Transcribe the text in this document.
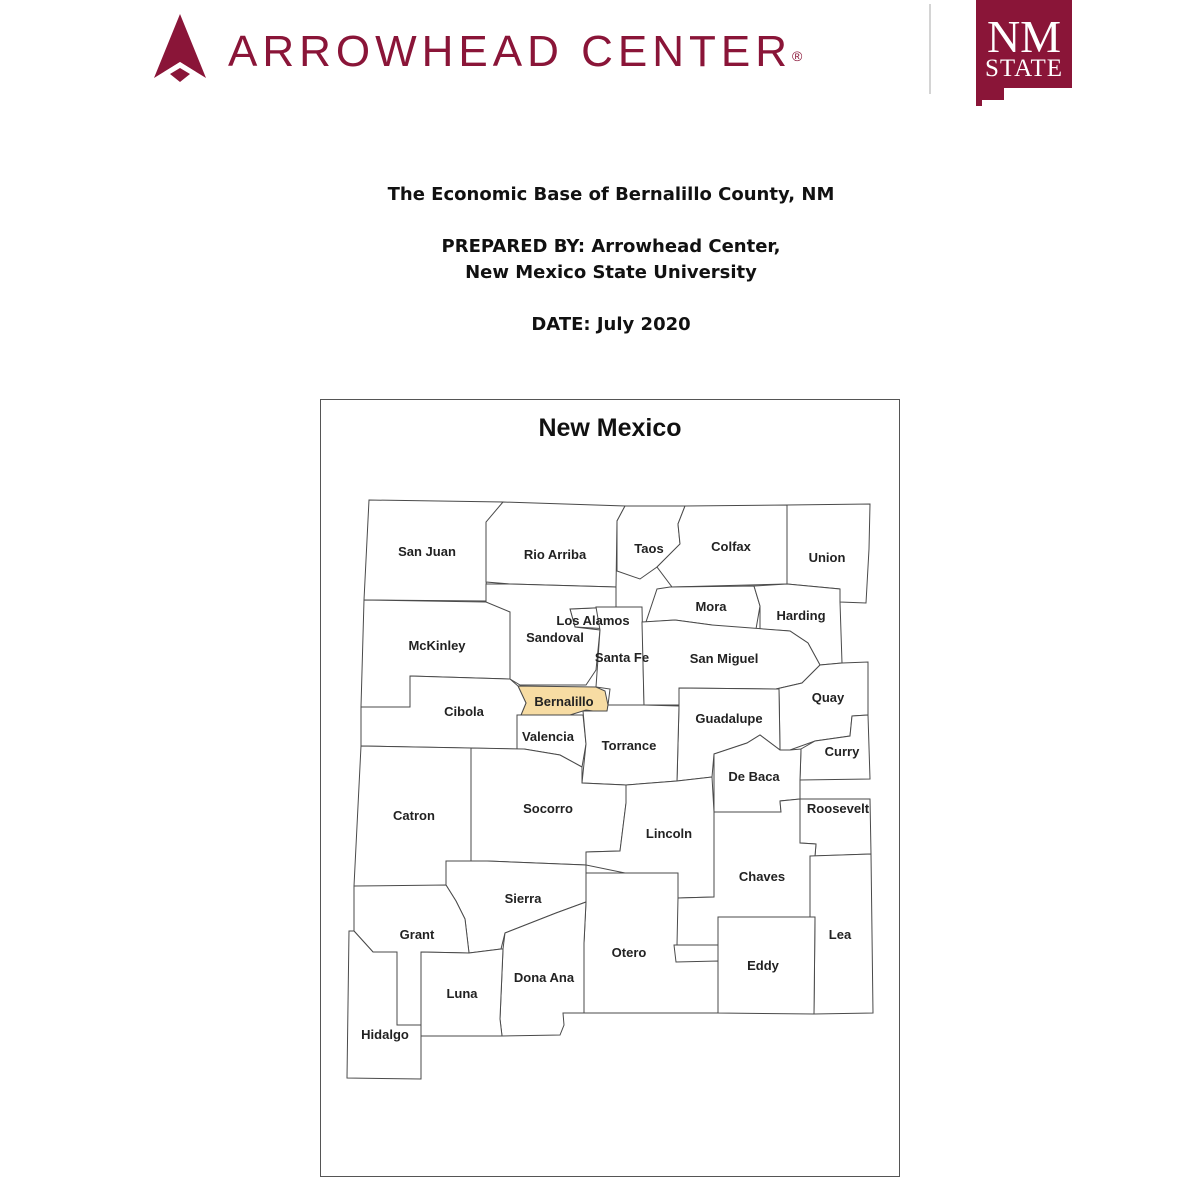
ARROWHEAD CENTER®	NM
STATE

The Economic Base of Bernalillo County, NM

PREPARED BY: Arrowhead Center,

New Mexico State University

DATE: July 2020

New Mexico
San Juan	Rio Arriba	Taos	Colfax
Union
Mora
Harding
Los Alamos
Sandoval
McKinley
Santa Fe	San Miguel
Bernalillo
Cibola
Quay
Guadalupe
Valencia
Torrance	Curry
De Baca
Catron	Socorro	Roosevelt
Lincoln
Chaves
Sierra
Grant	Lea
Otero
Dona Ana
Eddy
Luna
Hidalgo
